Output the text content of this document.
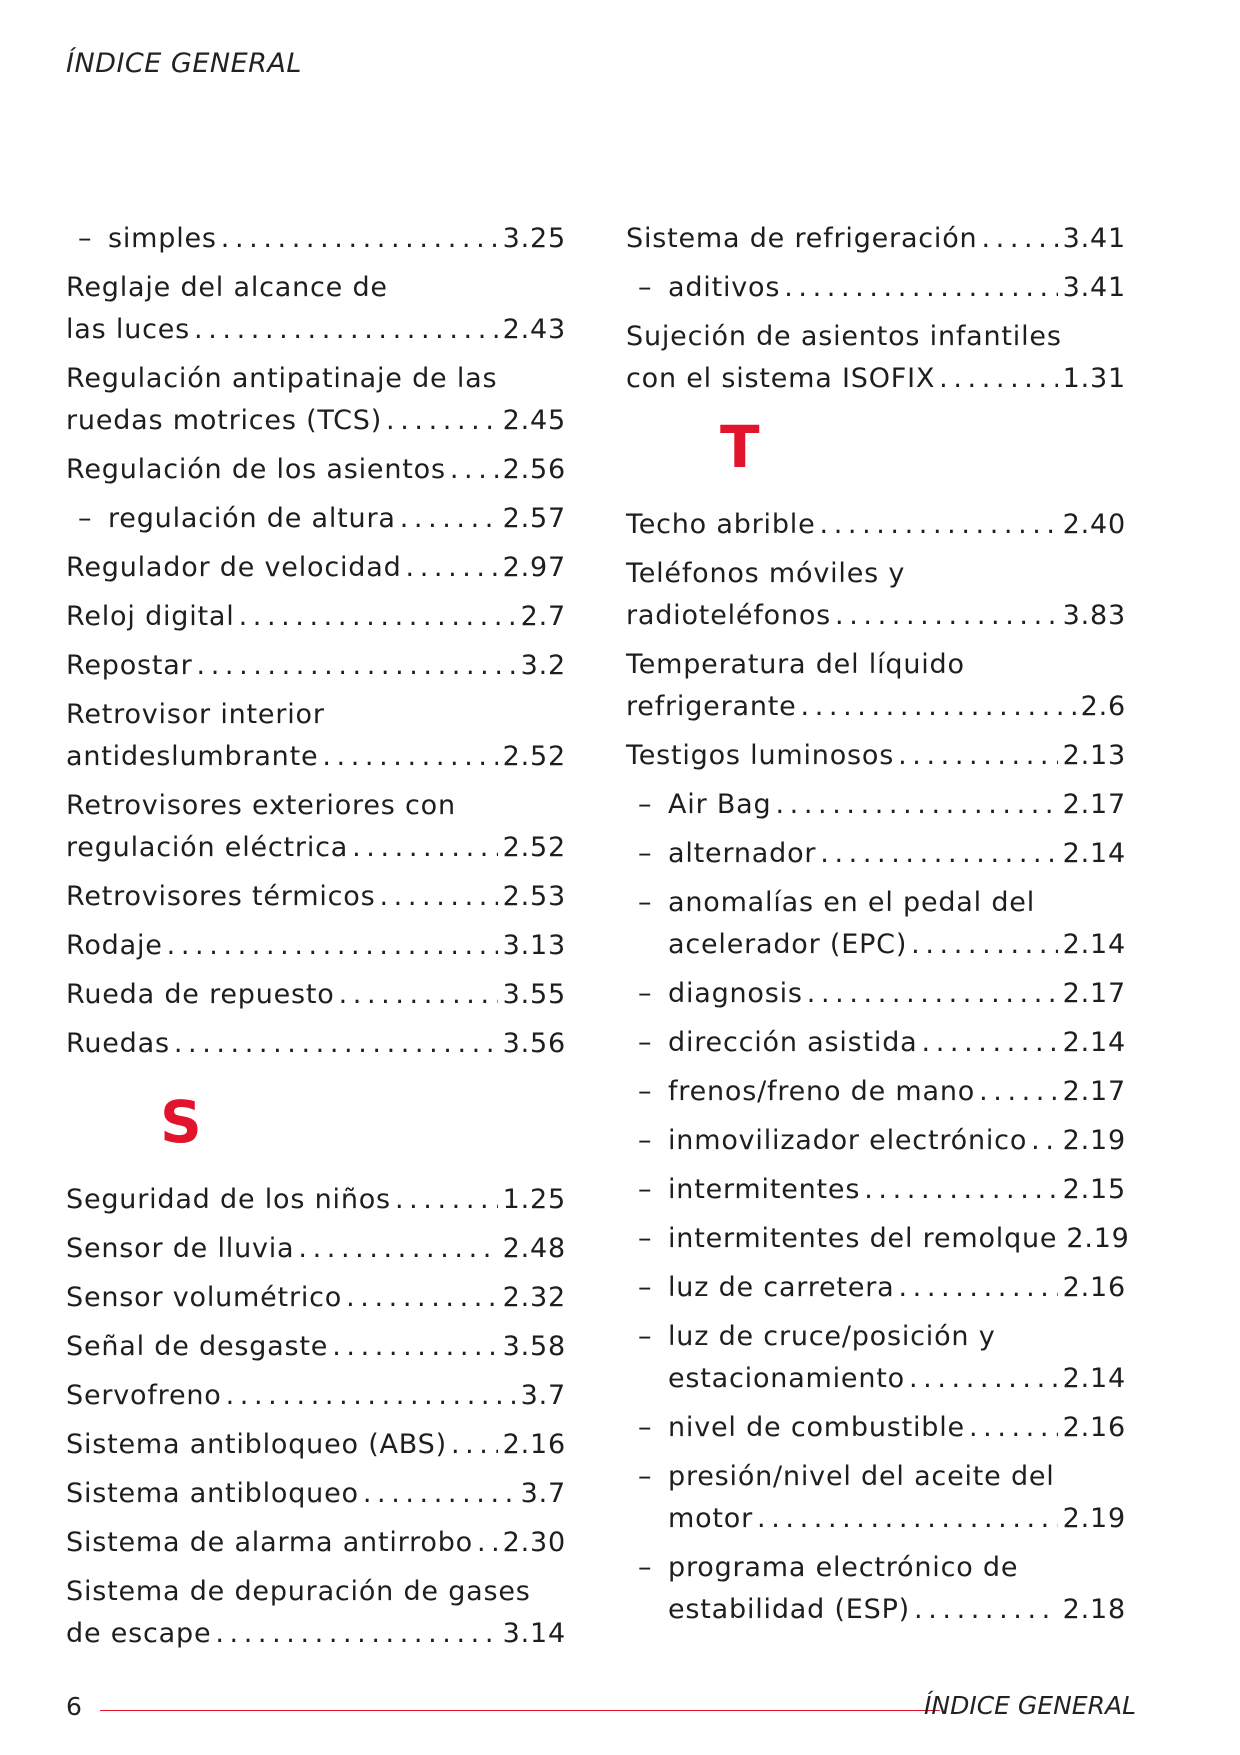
ÍNDICE GENERAL
– simples .....	3.25
Reglaje del alcance de
las luces .....	2.43
Regulación antipatinaje de las
ruedas motrices (TCS) .....	2.45
Regulación de los asientos ..... 2.56
– regulación de altura .....	2.57
Regulador de velocidad .....	2.97
Reloj digital .....	2.7
Repostar .....	3.2
Retrovisor interior
antideslumbrante .....	2.52
Retrovisores exteriores con
regulación eléctrica .....	2.52
Retrovisores térmicos .....	2.53
Rodaje .....	3.13
Rueda de repuesto .....	3.55
Ruedas .....	3.56
S
Seguridad de los niños .....	1.25
Sensor de lluvia .....	2.48
Sensor volumétrico .....	2.32
Señal de desgaste .....	3.58
Servofreno .....	3.7
Sistema antibloqueo (ABS) ..... 2.16
Sistema antibloqueo .....	3.7
Sistema de alarma antirrobo ..... 2.30
Sistema de depuración de gases
de escape .....	3.14
Sistema de refrigeración .....	3.41
– aditivos .....	3.41
Sujeción de asientos infantiles
con el sistema ISOFIX .....	1.31
T
Techo abrible .....	2.40
Teléfonos móviles y
radioteléfonos .....	3.83
Temperatura del líquido
refrigerante .....	2.6
Testigos luminosos .....	2.13
– Air Bag .....	2.17
– alternador .....	2.14
– anomalías en el pedal del
acelerador (EPC) .....	2.14
– diagnosis .....	2.17
– dirección asistida .....	2.14
– frenos/freno de mano .....	2.17
– inmovilizador electrónico ..... 2.19
– intermitentes .....	2.15
– intermitentes del remolque 2.19
– luz de carretera .....	2.16
– luz de cruce/posición y
estacionamiento .....	2.14
– nivel de combustible .....	2.16
– presión/nivel del aceite del
motor .....	2.19
– programa electrónico de
estabilidad (ESP) .....	2.18
6	ÍNDICE GENERAL
